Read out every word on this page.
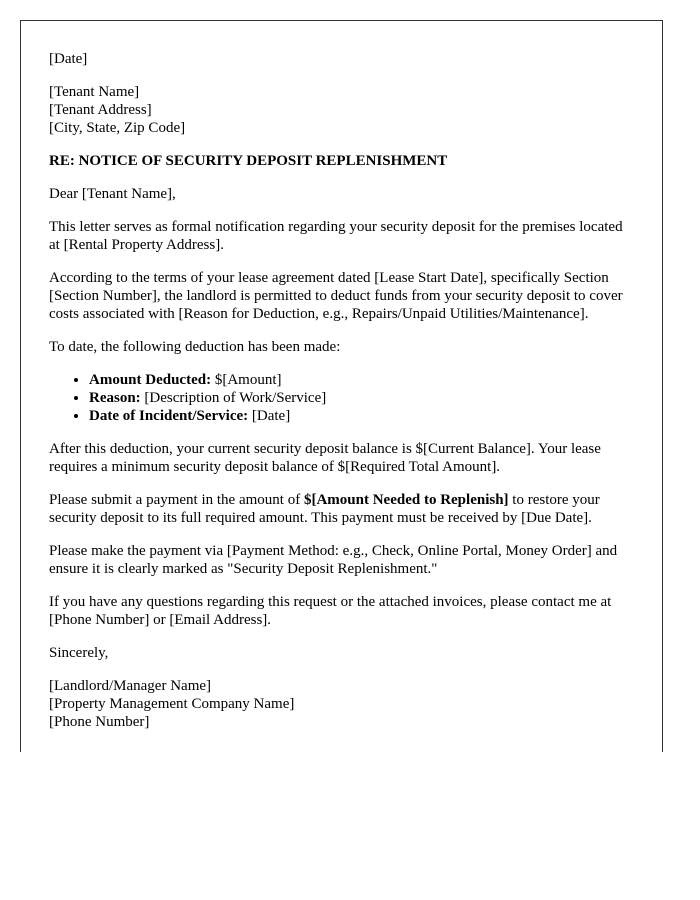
[Date]

[Tenant Name]
[Tenant Address]
[City, State, Zip Code]

RE: NOTICE OF SECURITY DEPOSIT REPLENISHMENT

Dear [Tenant Name],

This letter serves as formal notification regarding your security deposit for the premises located at [Rental Property Address].

According to the terms of your lease agreement dated [Lease Start Date], specifically Section [Section Number], the landlord is permitted to deduct funds from your security deposit to cover costs associated with [Reason for Deduction, e.g., Repairs/Unpaid Utilities/Maintenance].

To date, the following deduction has been made:

• Amount Deducted: $[Amount]
• Reason: [Description of Work/Service]
• Date of Incident/Service: [Date]

After this deduction, your current security deposit balance is $[Current Balance]. Your lease requires a minimum security deposit balance of $[Required Total Amount].

Please submit a payment in the amount of $[Amount Needed to Replenish] to restore your security deposit to its full required amount. This payment must be received by [Due Date].

Please make the payment via [Payment Method: e.g., Check, Online Portal, Money Order] and ensure it is clearly marked as "Security Deposit Replenishment."

If you have any questions regarding this request or the attached invoices, please contact me at [Phone Number] or [Email Address].

Sincerely,

[Landlord/Manager Name]
[Property Management Company Name]
[Phone Number]
